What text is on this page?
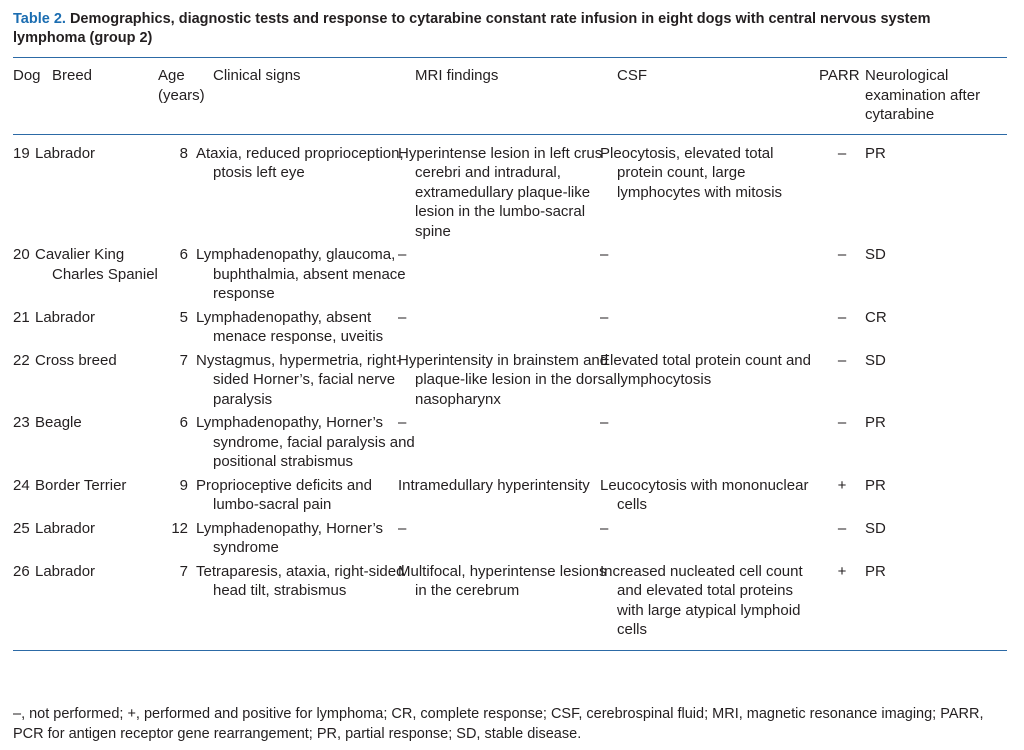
Table 2. Demographics, diagnostic tests and response to cytarabine constant rate infusion in eight dogs with central nervous system lymphoma (group 2)

Dog	Breed	Age (years)	Clinical signs	MRI findings	CSF	PARR	Neurological examination after cytarabine
19	Labrador	8	Ataxia, reduced proprioception, ptosis left eye	Hyperintense lesion in left crus cerebri and intradural, extramedullary plaque-like lesion in the lumbo-sacral spine	Pleocytosis, elevated total protein count, large lymphocytes with mitosis	–	PR
20	Cavalier King Charles Spaniel	6	Lymphadenopathy, glaucoma, buphthalmia, absent menace response	–	–	–	SD
21	Labrador	5	Lymphadenopathy, absent menace response, uveitis	–	–	–	CR
22	Cross breed	7	Nystagmus, hypermetria, right-sided Horner’s, facial nerve paralysis	Hyperintensity in brainstem and plaque-like lesion in the dorsal nasopharynx	Elevated total protein count and lymphocytosis	–	SD
23	Beagle	6	Lymphadenopathy, Horner’s syndrome, facial paralysis and positional strabismus	–	–	–	PR
24	Border Terrier	9	Proprioceptive deficits and lumbo-sacral pain	Intramedullary hyperintensity	Leucocytosis with mononuclear cells	+	PR
25	Labrador	12	Lymphadenopathy, Horner’s syndrome	–	–	–	SD
26	Labrador	7	Tetraparesis, ataxia, right-sided head tilt, strabismus	Multifocal, hyperintense lesions in the cerebrum	Increased nucleated cell count and elevated total proteins with large atypical lymphoid cells	+	PR

–, not performed; +, performed and positive for lymphoma; CR, complete response; CSF, cerebrospinal fluid; MRI, magnetic resonance imaging; PARR, PCR for antigen receptor gene rearrangement; PR, partial response; SD, stable disease.
